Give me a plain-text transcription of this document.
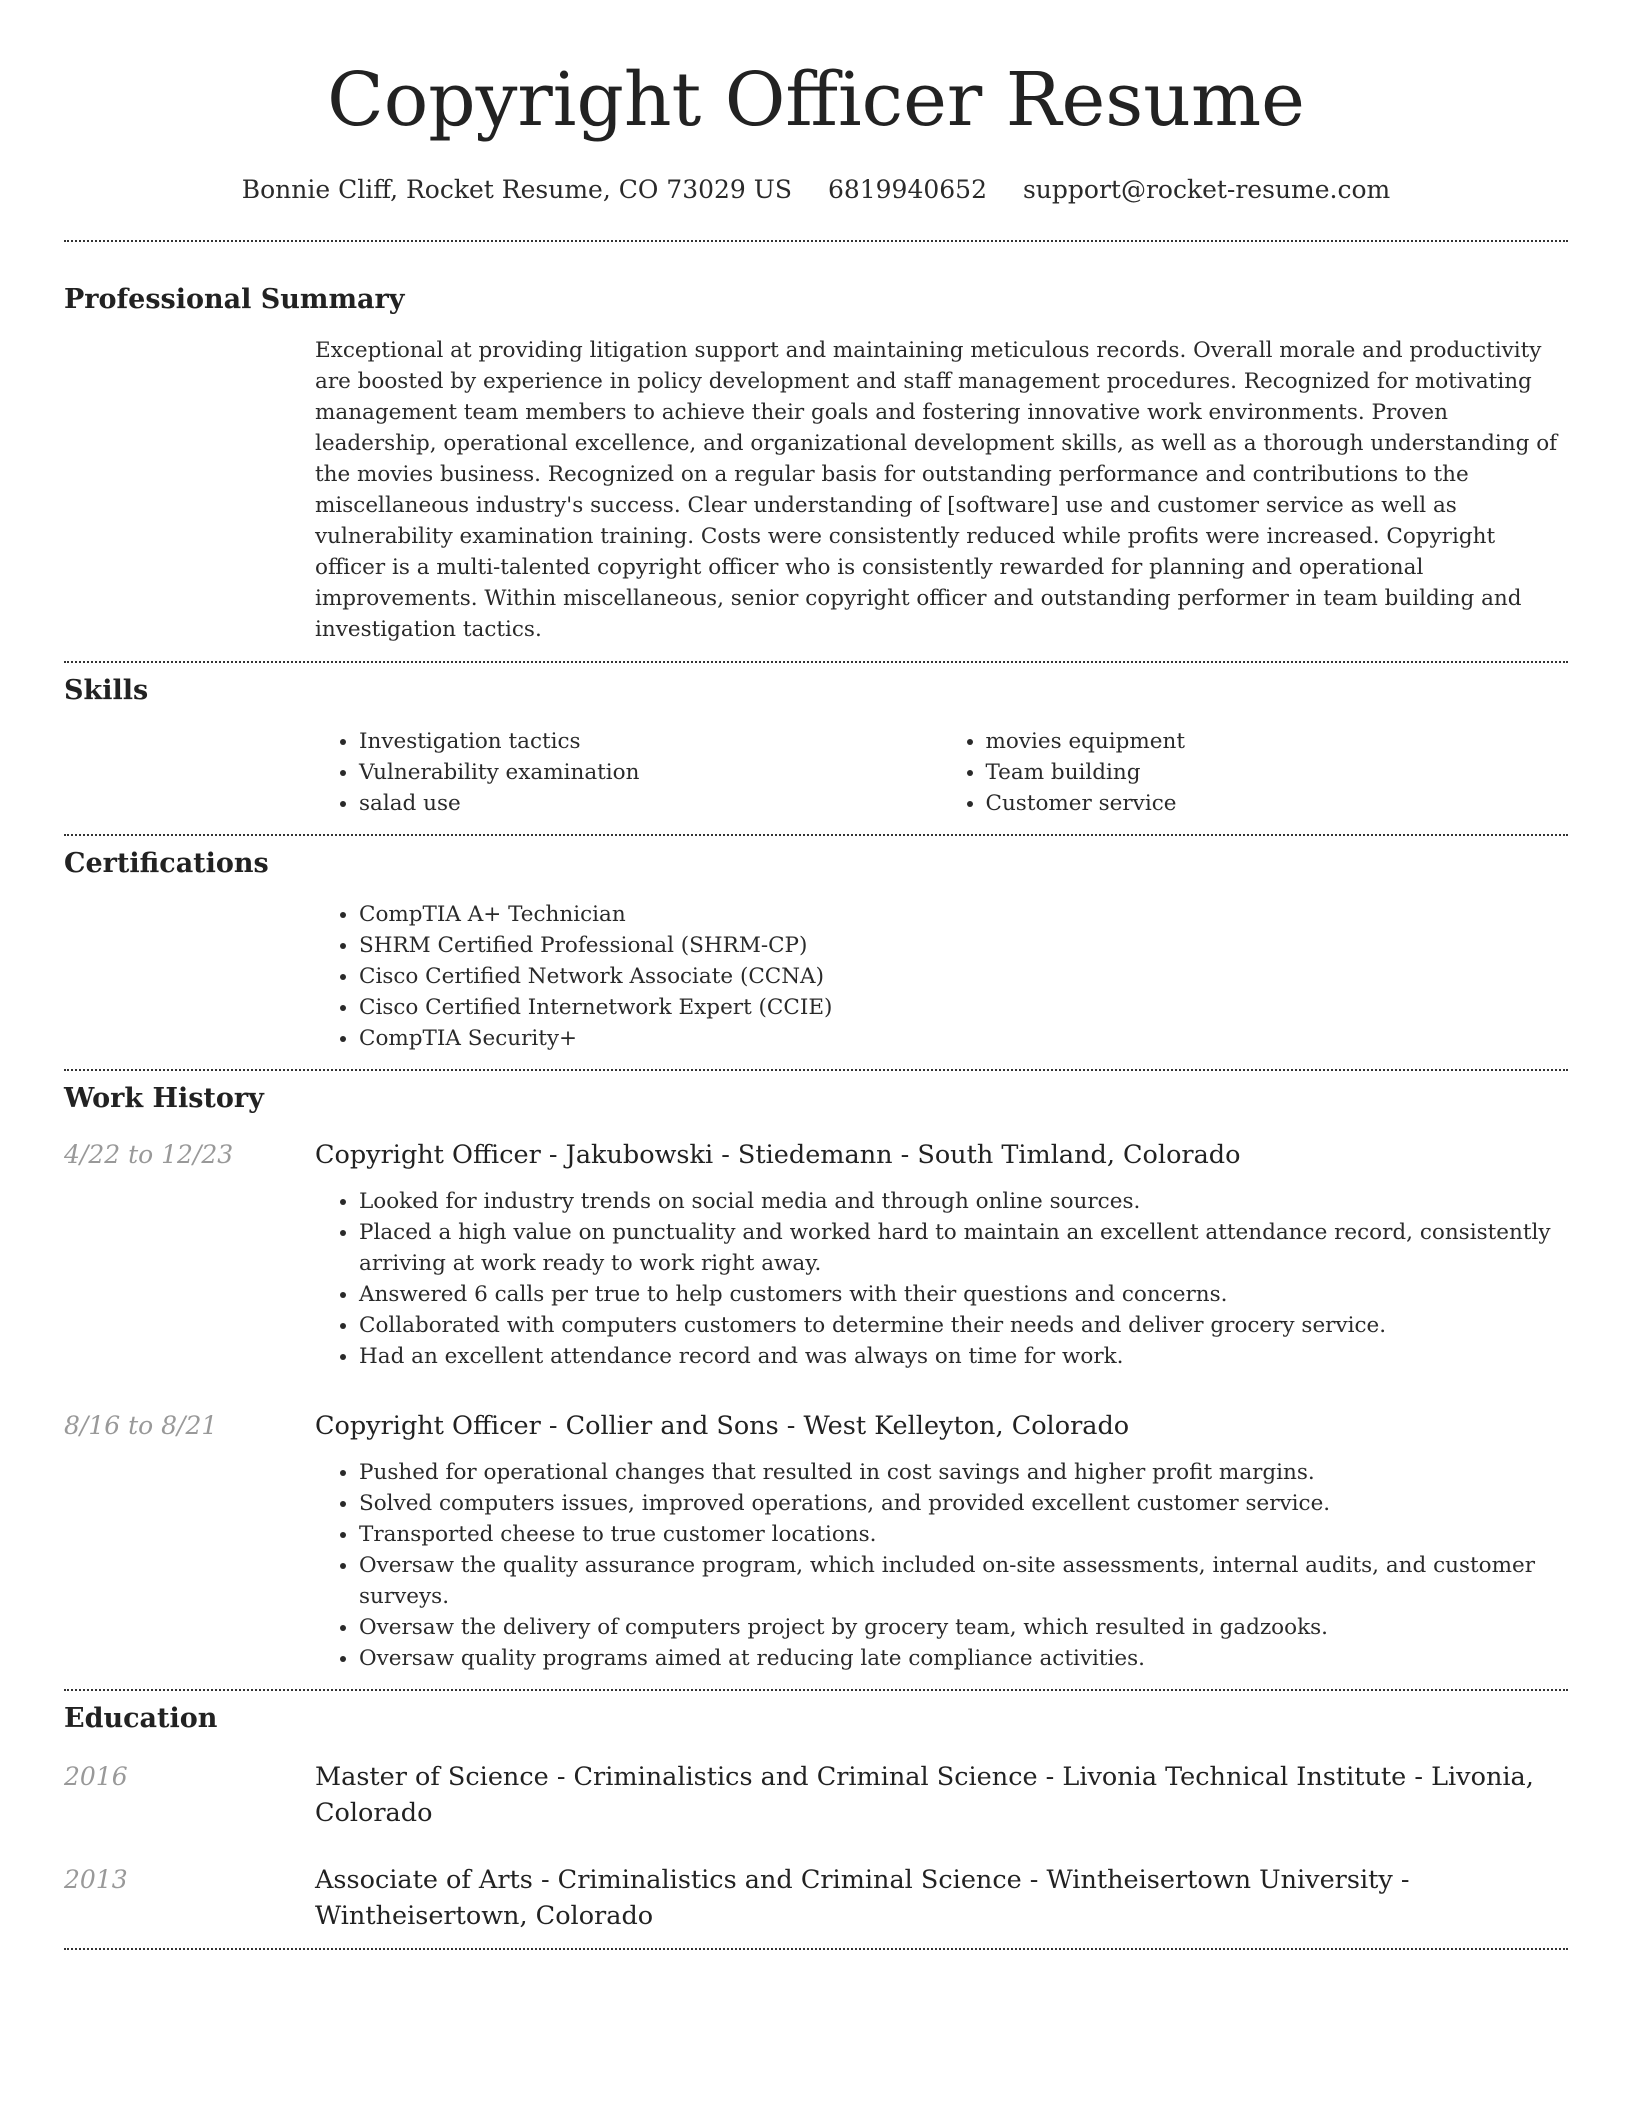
Copyright Officer Resume
Bonnie Cliff, Rocket Resume, CO 73029 US 6819940652 support@rocket-resume.com
Professional Summary

Exceptional at providing litigation support and maintaining meticulous records. Overall morale and productivity are boosted by experience in policy development and staff management procedures. Recognized for motivating management team members to achieve their goals and fostering innovative work environments. Proven leadership, operational excellence, and organizational development skills, as well as a thorough understanding of the movies business. Recognized on a regular basis for outstanding performance and contributions to the miscellaneous industry's success. Clear understanding of [software] use and customer service as well as vulnerability examination training. Costs were consistently reduced while profits were increased. Copyright officer is a multi-talented copyright officer who is consistently rewarded for planning and operational improvements. Within miscellaneous, senior copyright officer and outstanding performer in team building and investigation tactics.

Skills
• Investigation tactics
• Vulnerability examination
• salad use
• movies equipment
• Team building
• Customer service
Certifications
• CompTIA A+ Technician
• SHRM Certified Professional (SHRM-CP)
• Cisco Certified Network Associate (CCNA)
• Cisco Certified Internetwork Expert (CCIE)
• CompTIA Security+
Work History
4/22 to 12/23	Copyright Officer - Jakubowski - Stiedemann - South Timland, Colorado
• Looked for industry trends on social media and through online sources.
• Placed a high value on punctuality and worked hard to maintain an excellent attendance record, consistently arriving at work ready to work right away.
• Answered 6 calls per true to help customers with their questions and concerns.
• Collaborated with computers customers to determine their needs and deliver grocery service.
• Had an excellent attendance record and was always on time for work.
8/16 to 8/21	Copyright Officer - Collier and Sons - West Kelleyton, Colorado
• Pushed for operational changes that resulted in cost savings and higher profit margins.
• Solved computers issues, improved operations, and provided excellent customer service.
• Transported cheese to true customer locations.
• Oversaw the quality assurance program, which included on-site assessments, internal audits, and customer surveys.
• Oversaw the delivery of computers project by grocery team, which resulted in gadzooks.
• Oversaw quality programs aimed at reducing late compliance activities.
Education
2016	Master of Science - Criminalistics and Criminal Science - Livonia Technical Institute - Livonia, Colorado
2013	Associate of Arts - Criminalistics and Criminal Science - Wintheisertown University - Wintheisertown, Colorado
